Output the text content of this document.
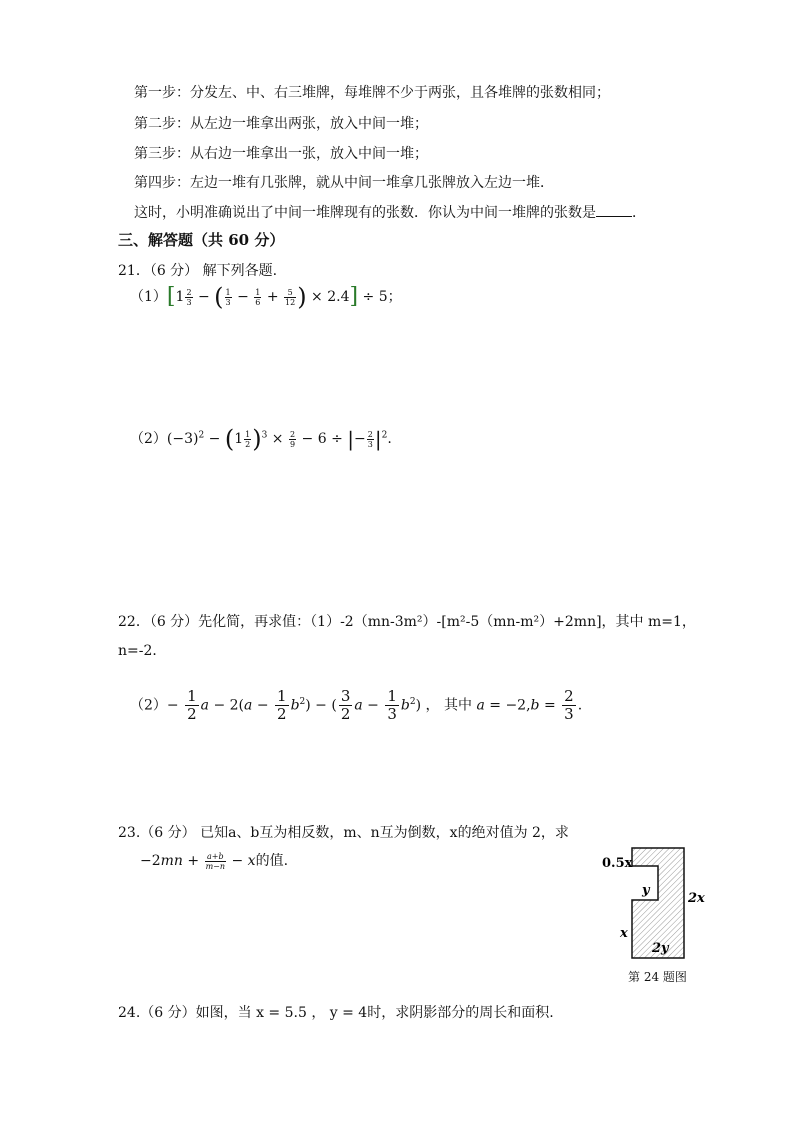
第一步：分发左、中、右三堆牌，每堆牌不少于两张，且各堆牌的张数相同；
第二步：从左边一堆拿出两张，放入中间一堆；
第三步：从右边一堆拿出一张，放入中间一堆；
第四步：左边一堆有几张牌，就从中间一堆拿几张牌放入左边一堆．
这时，小明准确说出了中间一堆牌现有的张数．你认为中间一堆牌的张数是	．
三、解答题（共 60 分）
21．（6 分） 解下列各题.
$(1)[1 \frac{2}{3}$ − ( $\frac{1}{3} - \frac{1}{6} + \frac{5}{12}$ ) × 2.4] ÷ 5；
$(2)(-3)^2 - (1 \frac{1}{2} )^3 \times \frac{2}{9} - 6$ ÷ |− $\frac{2}{3} |^2$.
22．（6 分）先化简，再求值：（1）-2（mn-3m²）-[m²-5（mn-m²）+2mn]，其中 m=1，
n=-2．
$(2)- \frac{1}{2}$ $a - 2(a - \frac{1}{2} b^2)$ − ( $\frac{3}{2}$ $a - \frac{1}{3} b^2$) ， 其中 $a = -2,b = \frac{2}{3}$ .
23.（6 分） 已知a、b互为相反数，m、n互为倒数，x的绝对值为 2，求
$-2mn + \frac{a+b}{m-n} - x$的值.	0.5x
y
2x
x
2y
第 24 题图
24.（6 分）如图，当 x = 5.5 ， y = 4时，求阴影部分的周长和面积.
